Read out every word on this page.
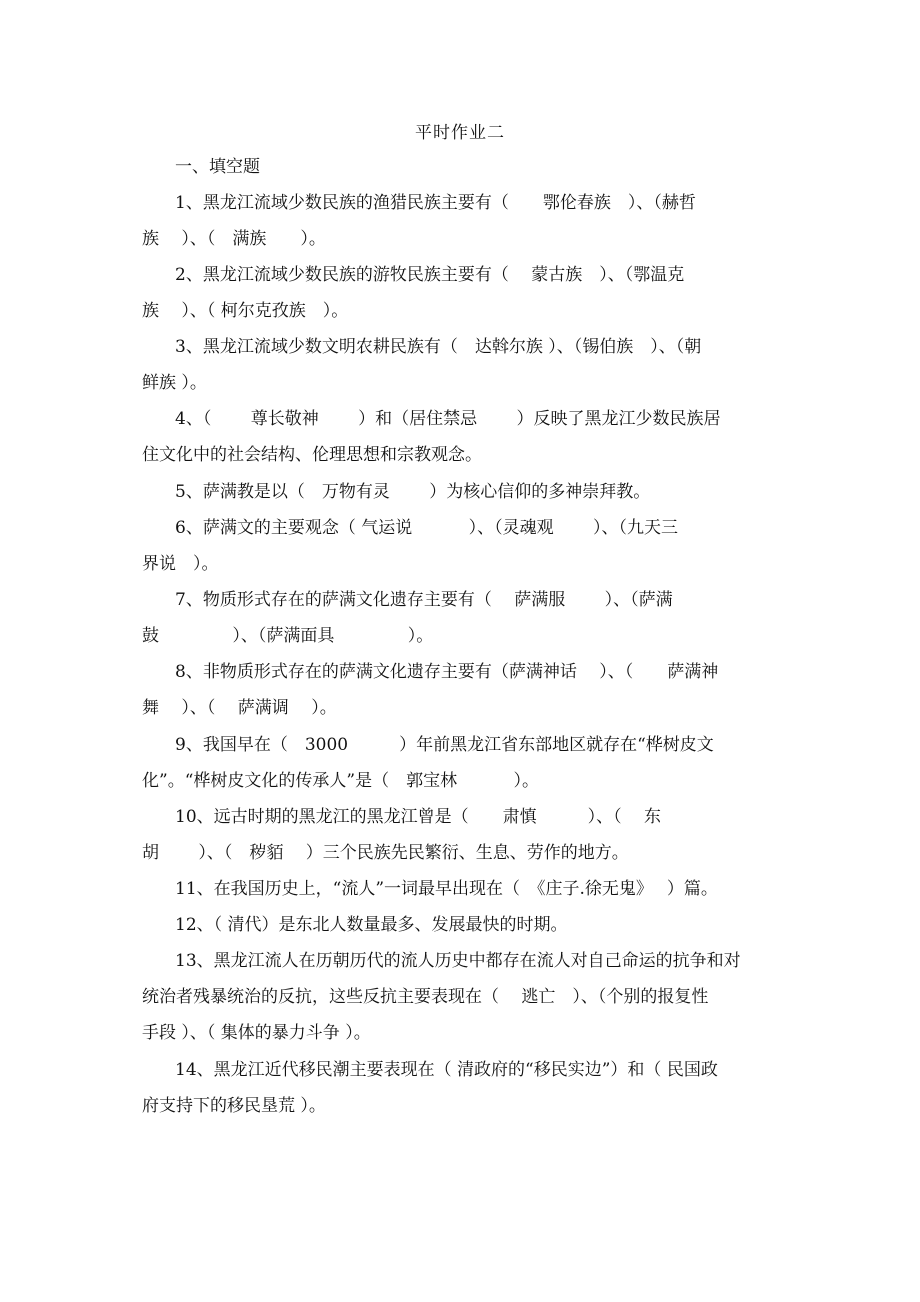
平时作业二
一、填空题
1、黑龙江流域少数民族的渔猎民族主要有（　　鄂伦春族　）、（赫哲
族　 ）、（　满族　　）。
2、黑龙江流域少数民族的游牧民族主要有（　 蒙古族　）、（鄂温克
族　 ）、（ 柯尔克孜族　）。
3、黑龙江流域少数文明农耕民族有（　达斡尔族 ）、（锡伯族　）、（朝
鲜族 ）。
4、（　　 尊长敬神　　 ）和（居住禁忌　　 ）反映了黑龙江少数民族居
住文化中的社会结构、伦理思想和宗教观念。
5、萨满教是以（　万物有灵　　 ）为核心信仰的多神崇拜教。
6、萨满文的主要观念（ 气运说　　　 ）、（灵魂观　　 ）、（九天三
界说　）。
7、物质形式存在的萨满文化遗存主要有（　 萨满服　　 ）、（萨满
鼓　　　　 ）、（萨满面具　　　　 ）。
8、非物质形式存在的萨满文化遗存主要有（萨满神话　 ）、（　　萨满神
舞　 ）、（　 萨满调　 ）。
9、我国早在（　3000　　　）年前黑龙江省东部地区就存在“桦树皮文
化”。“桦树皮文化的传承人”是（　郭宝林　　　 ）。
10、远古时期的黑龙江的黑龙江曾是（　　肃慎　　　）、（　 东
胡　　 ）、（　秽貊　 ）三个民族先民繁衍、生息、劳作的地方。
11、在我国历史上，“流人”一词最早出现在（　《庄子.徐无鬼》　 ）篇。
12、（ 清代）是东北人数量最多、发展最快的时期。
13、黑龙江流人在历朝历代的流人历史中都存在流人对自己命运的抗争和对
统治者残暴统治的反抗，这些反抗主要表现在（　 逃亡　）、（个别的报复性
手段 ）、（ 集体的暴力斗争 ）。
14、黑龙江近代移民潮主要表现在（ 清政府的“移民实边”）和（ 民国政
府支持下的移民垦荒 ）。
